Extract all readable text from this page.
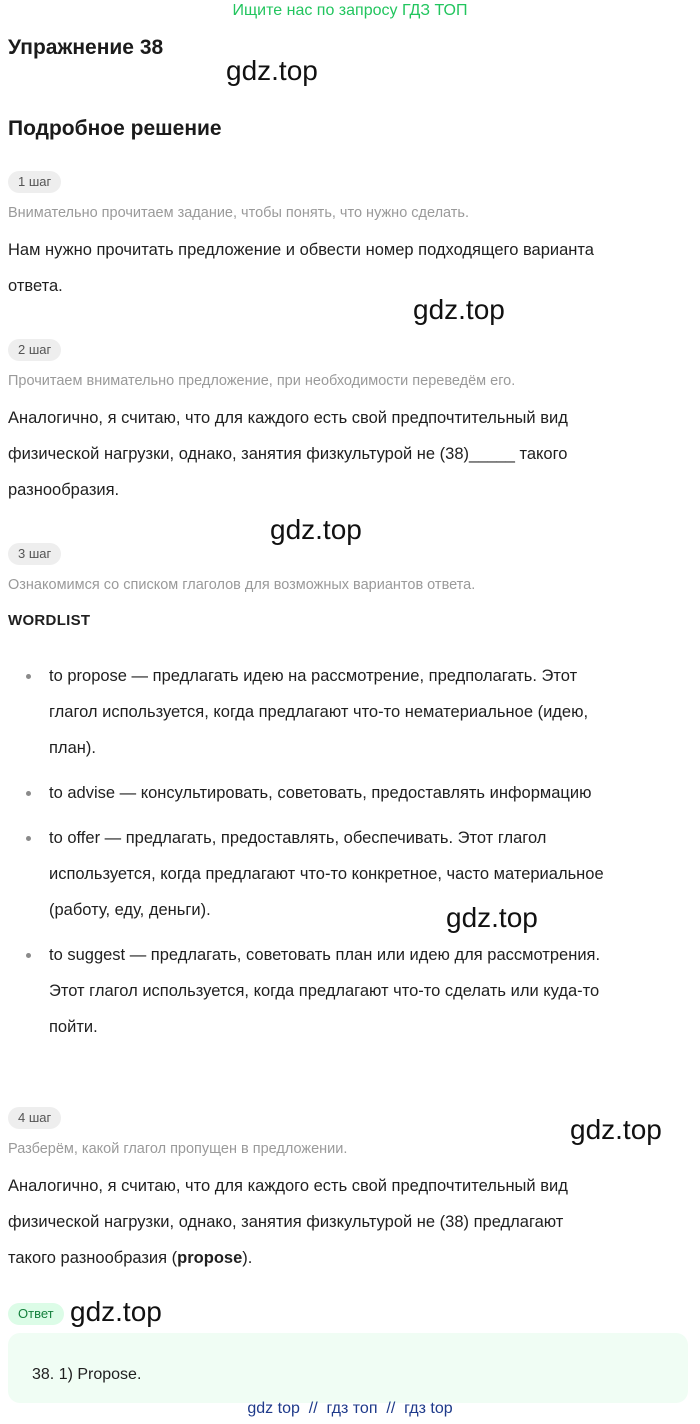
Ищите нас по запросу ГДЗ ТОП
Упражнение 38
gdz.top
Подробное решение
1 шаг
Внимательно прочитаем задание, чтобы понять, что нужно сделать.
Нам нужно прочитать предложение и обвести номер подходящего варианта
ответа.
gdz.top
2 шаг
Прочитаем внимательно предложение, при необходимости переведём его.
Аналогично, я считаю, что для каждого есть свой предпочтительный вид
физической нагрузки, однако, занятия физкультурой не (38)_____ такого
разнообразия.
gdz.top
3 шаг
Ознакомимся со списком глаголов для возможных вариантов ответа.
WORDLIST
to propose — предлагать идею на рассмотрение, предполагать. Этот
глагол используется, когда предлагают что-то нематериальное (идею,
план).
to advise — консультировать, советовать, предоставлять информацию
to offer — предлагать, предоставлять, обеспечивать. Этот глагол
используется, когда предлагают что-то конкретное, часто материальное
(работу, еду, деньги).
to suggest — предлагать, советовать план или идею для рассмотрения.
Этот глагол используется, когда предлагают что-то сделать или куда-то
пойти.
gdz.top
4 шаг	gdz.top
Разберём, какой глагол пропущен в предложении.
Аналогично, я считаю, что для каждого есть свой предпочтительный вид
физической нагрузки, однако, занятия физкультурой не (38) предлагают
такого разнообразия (propose).
Ответ gdz.top
38. 1) Propose.
gdz top  //  гдз топ  //  гдз top
